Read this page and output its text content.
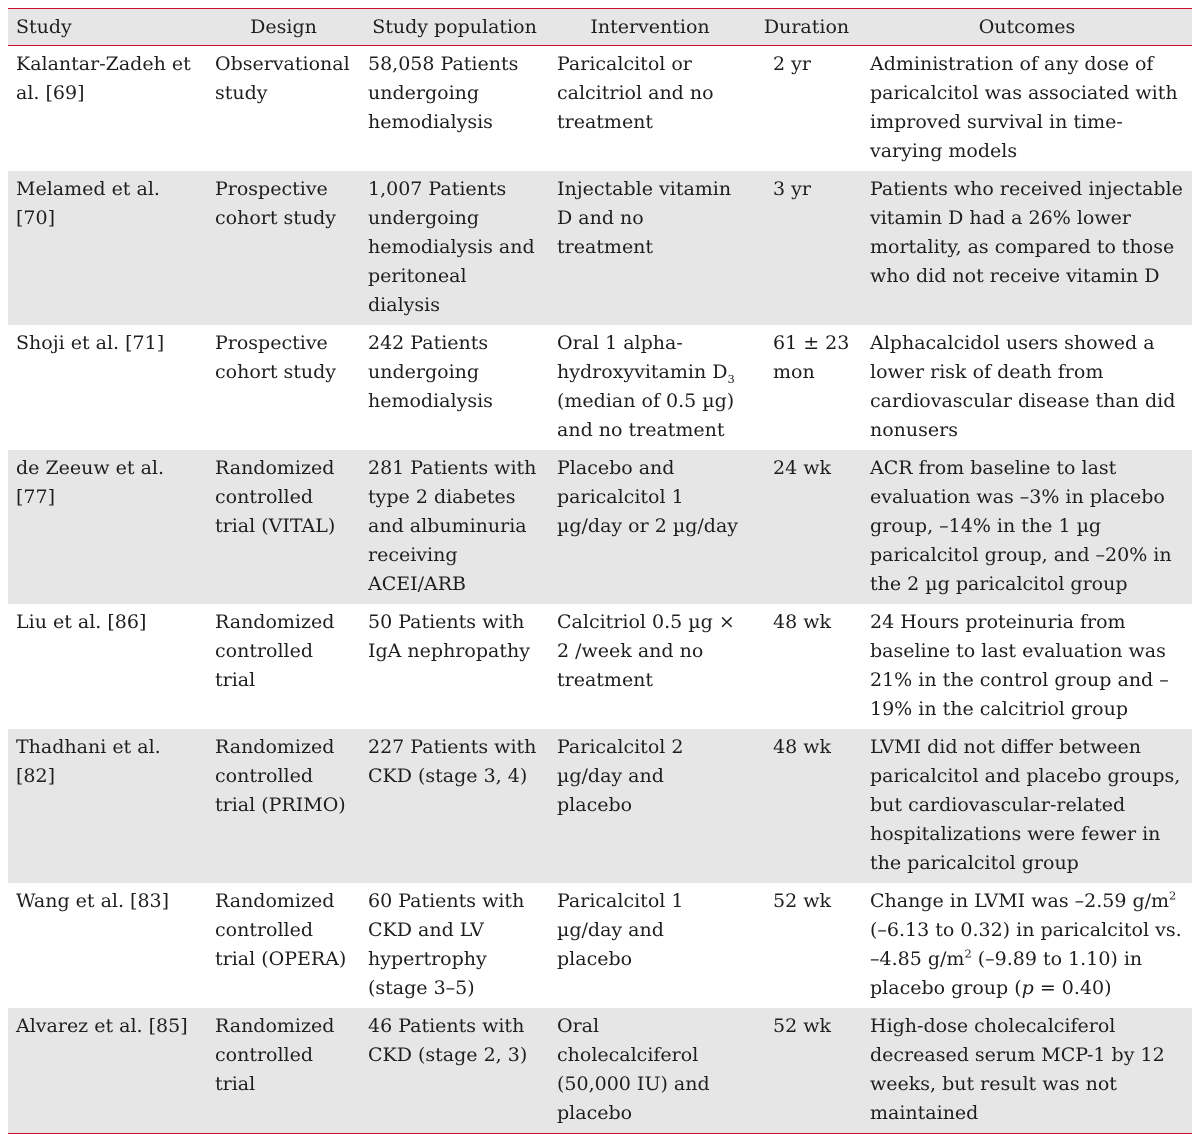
Study	Design	Study population	Intervention	Duration	Outcomes
Kalantar-Zadeh et al. [69]	Observational study	58,058 Patients undergoing hemodialysis	Paricalcitol or calcitriol and no treatment	2 yr	Administration of any dose of paricalcitol was associated with improved survival in time-varying models
Melamed et al. [70]	Prospective cohort study	1,007 Patients undergoing hemodialysis and peritoneal dialysis	Injectable vitamin D and no treatment	3 yr	Patients who received injectable vitamin D had a 26% lower mortality, as compared to those who did not receive vitamin D
Shoji et al. [71]	Prospective cohort study	242 Patients undergoing hemodialysis	Oral 1 alpha-hydroxyvitamin $D_3$ (median of 0.5 µg) and no treatment	61 ± 23 mon	Alphacalcidol users showed a lower risk of death from cardiovascular disease than did nonusers
de Zeeuw et al. [77]	Randomized controlled trial (VITAL)	281 Patients with type 2 diabetes and albuminuria receiving ACEI/ARB	Placebo and paricalcitol 1 µg/day or 2 µg/day	24 wk	ACR from baseline to last evaluation was –3% in placebo group, –14% in the 1 µg paricalcitol group, and –20% in the 2 µg paricalcitol group
Liu et al. [86]	Randomized controlled trial	50 Patients with IgA nephropathy	Calcitriol 0.5 µg × 2 /week and no treatment	48 wk	24 Hours proteinuria from baseline to last evaluation was 21% in the control group and –19% in the calcitriol group
Thadhani et al. [82]	Randomized controlled trial (PRIMO)	227 Patients with CKD (stage 3, 4)	Paricalcitol 2 µg/day and placebo	48 wk	LVMI did not differ between paricalcitol and placebo groups, but cardiovascular-related hospitalizations were fewer in the paricalcitol group
Wang et al. [83]	Randomized controlled trial (OPERA)	60 Patients with CKD and LV hypertrophy (stage 3–5)	Paricalcitol 1 µg/day and placebo	52 wk	Change in LVMI was –2.59 $g/m^2$ (–6.13 to 0.32) in paricalcitol vs. –4.85 $g/m^2$ (–9.89 to 1.10) in placebo group (p = 0.40)
Alvarez et al. [85]	Randomized controlled trial	46 Patients with CKD (stage 2, 3)	Oral cholecalciferol (50,000 IU) and placebo	52 wk	High-dose cholecalciferol decreased serum MCP-1 by 12 weeks, but result was not maintained
